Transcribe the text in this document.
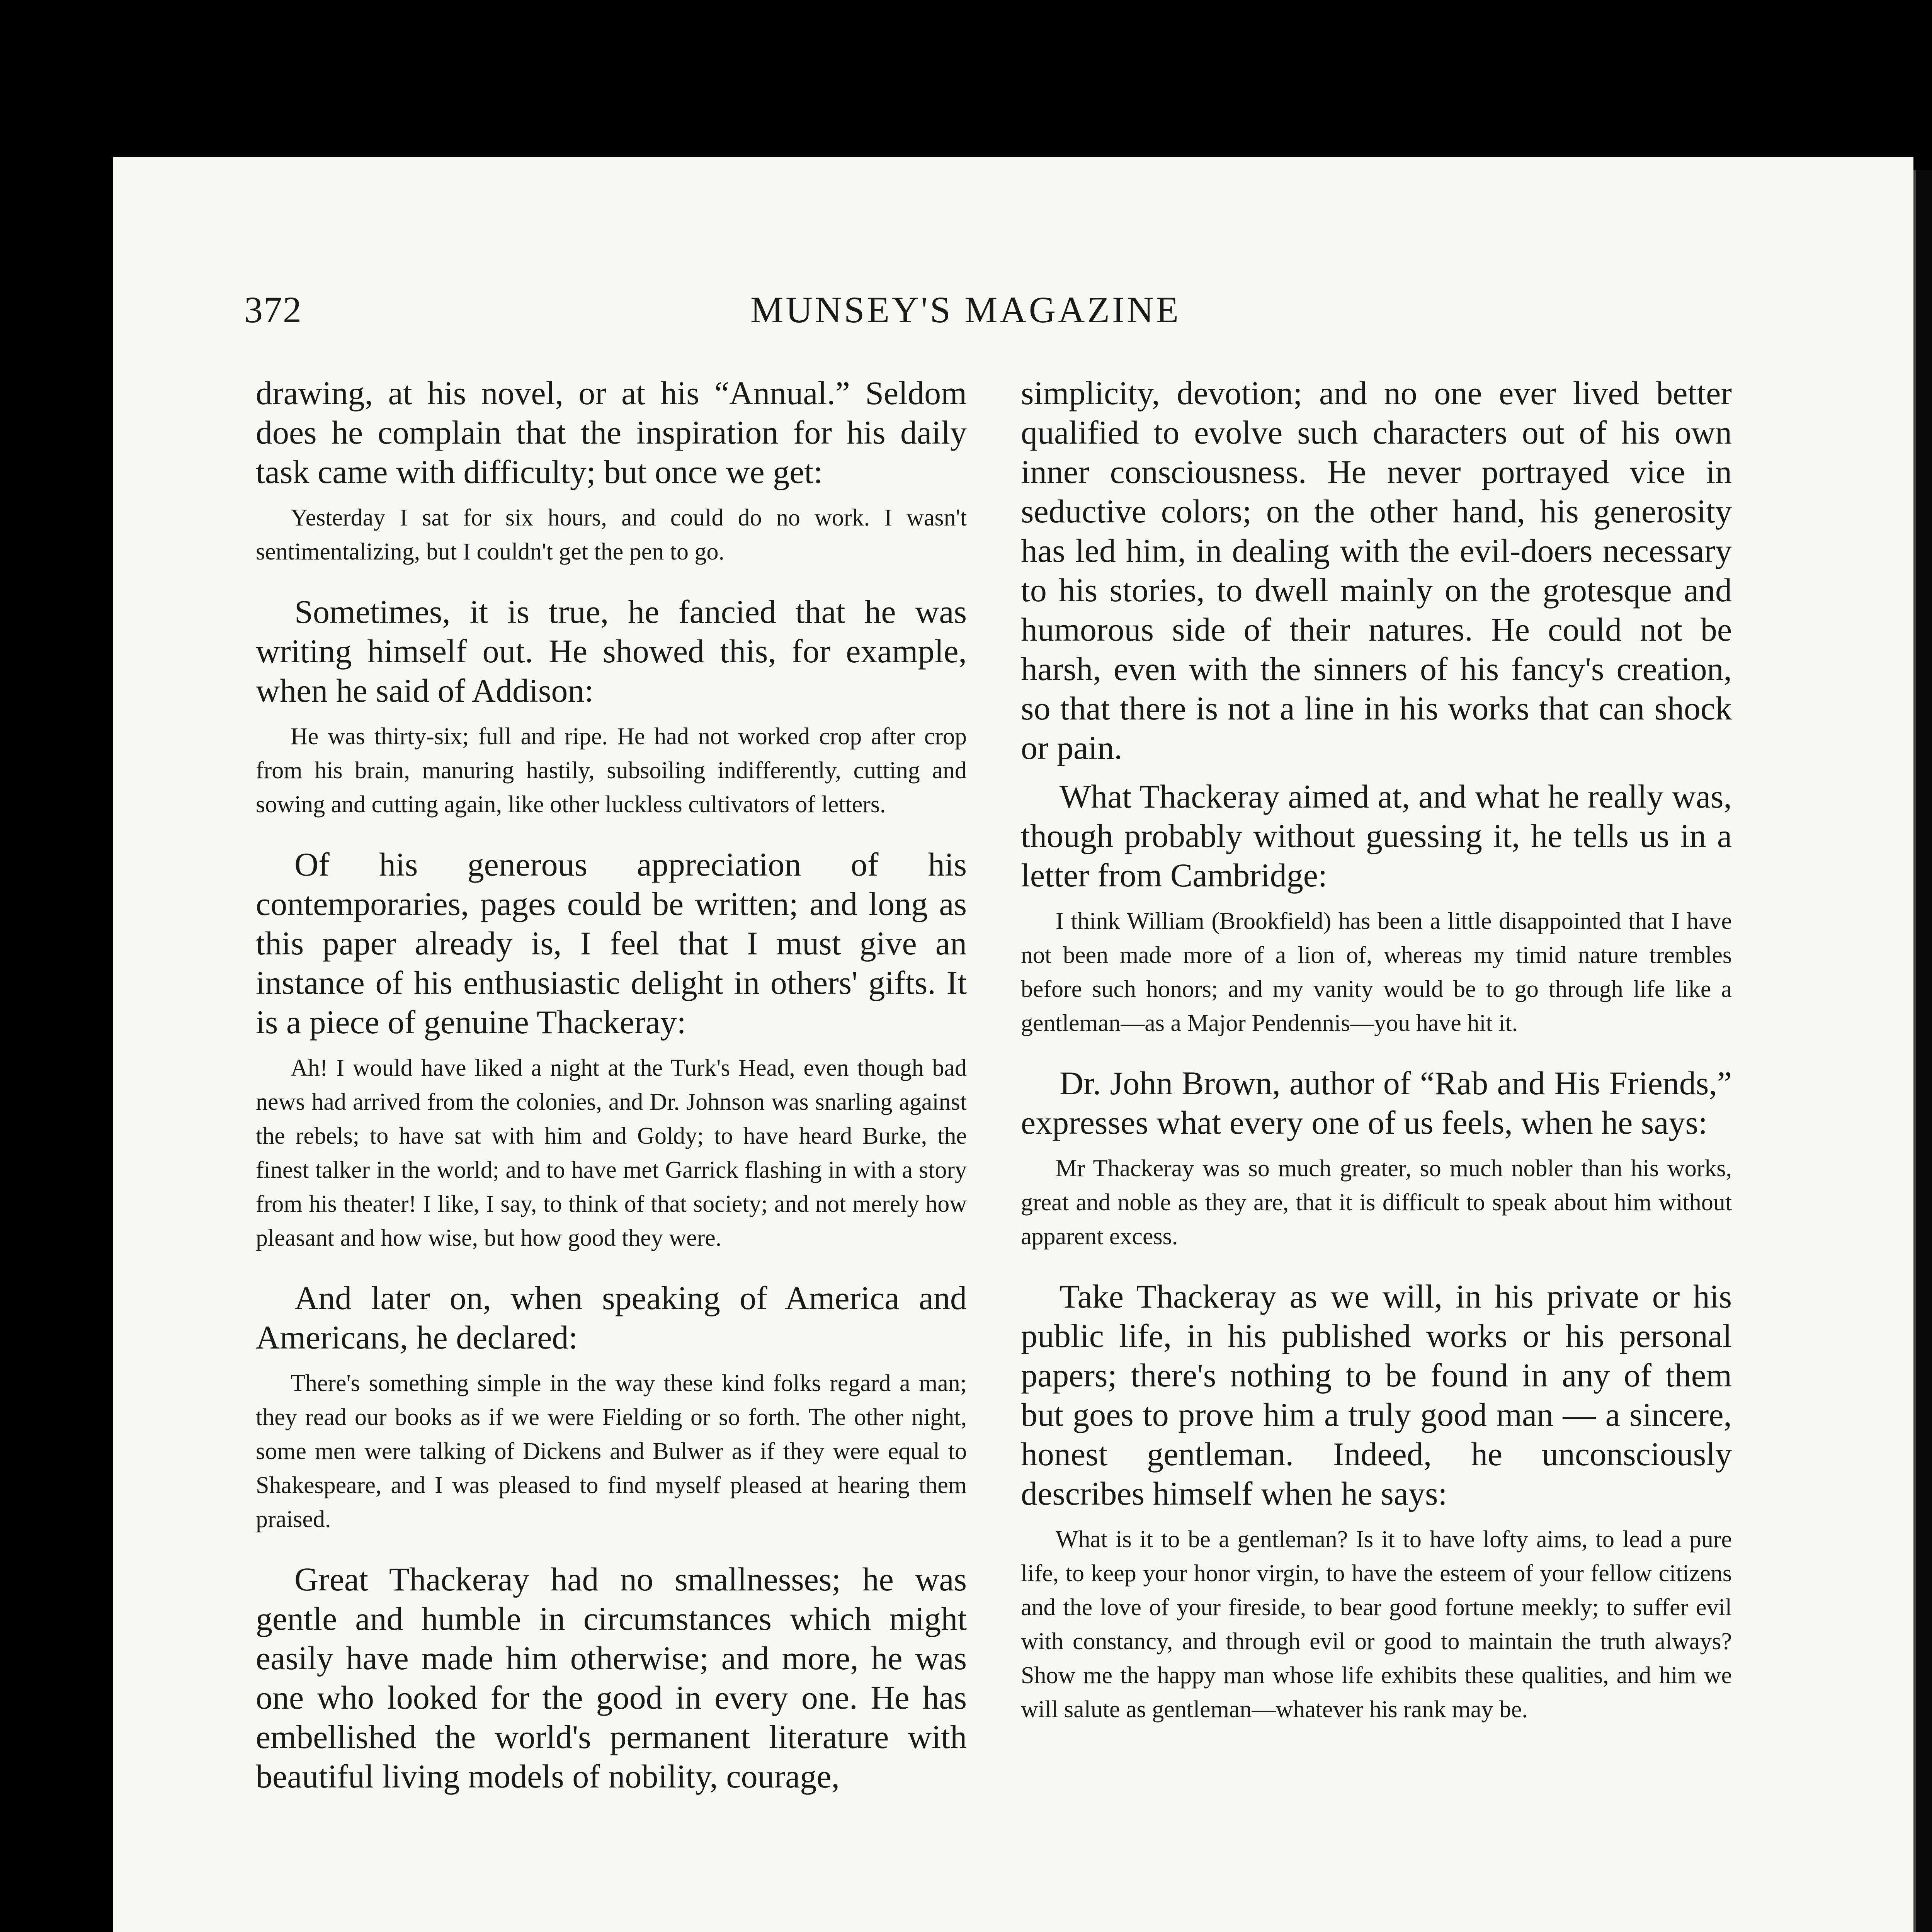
372	MUNSEY'S MAGAZINE

drawing, at his novel, or at his “Annual.” Seldom does he complain that the inspiration for his daily task came with difficulty; but once we get:

Yesterday I sat for six hours, and could do no work. I wasn't sentimentalizing, but I couldn't get the pen to go.

Sometimes, it is true, he fancied that he was writing himself out. He showed this, for example, when he said of Addison:

He was thirty-six; full and ripe. He had not worked crop after crop from his brain, manuring hastily, subsoiling indifferently, cutting and sowing and cutting again, like other luckless cultivators of letters.

Of his generous appreciation of his contemporaries, pages could be written; and long as this paper already is, I feel that I must give an instance of his enthusiastic delight in others' gifts. It is a piece of genuine Thackeray:

Ah! I would have liked a night at the Turk's Head, even though bad news had arrived from the colonies, and Dr. Johnson was snarling against the rebels; to have sat with him and Goldy; to have heard Burke, the finest talker in the world; and to have met Garrick flashing in with a story from his theater! I like, I say, to think of that society; and not merely how pleasant and how wise, but how good they were.

And later on, when speaking of America and Americans, he declared:

There's something simple in the way these kind folks regard a man; they read our books as if we were Fielding or so forth. The other night, some men were talking of Dickens and Bulwer as if they were equal to Shakespeare, and I was pleased to find myself pleased at hearing them praised.

Great Thackeray had no smallnesses; he was gentle and humble in circumstances which might easily have made him otherwise; and more, he was one who looked for the good in every one. He has embellished the world's permanent literature with beautiful living models of nobility, courage,

simplicity, devotion; and no one ever lived better qualified to evolve such characters out of his own inner consciousness. He never portrayed vice in seductive colors; on the other hand, his generosity has led him, in dealing with the evil-doers necessary to his stories, to dwell mainly on the grotesque and humorous side of their natures. He could not be harsh, even with the sinners of his fancy's creation, so that there is not a line in his works that can shock or pain.

What Thackeray aimed at, and what he really was, though probably without guessing it, he tells us in a letter from Cambridge:

I think William (Brookfield) has been a little disappointed that I have not been made more of a lion of, whereas my timid nature trembles before such honors; and my vanity would be to go through life like a gentleman—as a Major Pendennis—you have hit it.

Dr. John Brown, author of “Rab and His Friends,” expresses what every one of us feels, when he says:

Mr Thackeray was so much greater, so much nobler than his works, great and noble as they are, that it is difficult to speak about him without apparent excess.

Take Thackeray as we will, in his private or his public life, in his published works or his personal papers; there's nothing to be found in any of them but goes to prove him a truly good man — a sincere, honest gentleman. Indeed, he unconsciously describes himself when he says:

What is it to be a gentleman? Is it to have lofty aims, to lead a pure life, to keep your honor virgin, to have the esteem of your fellow citizens and the love of your fireside, to bear good fortune meekly; to suffer evil with constancy, and through evil or good to maintain the truth always? Show me the happy man whose life exhibits these qualities, and him we will salute as gentleman—whatever his rank may be.
